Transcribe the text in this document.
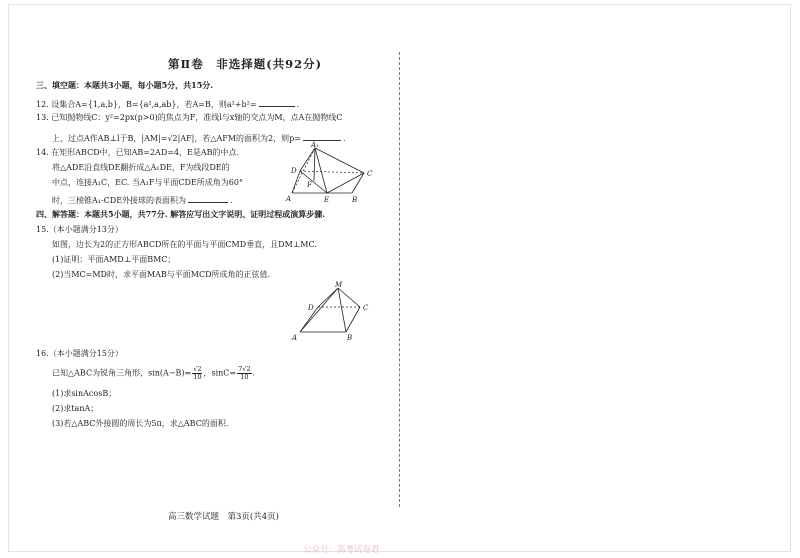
第Ⅱ卷　非选择题(共92分)
三、填空题：本题共3小题，每小题5分，共15分.
12. 设集合A={1,a,b}，B={a²,a,ab}，若A=B，则a²+b²=	.
13. 已知抛物线C：y²=2px(p>0)的焦点为F，准线l与x轴的交点为M，点A在抛物线C
上，过点A作AB⊥l于B，|AM|=√2|AF|，若△AFM的面积为2，则p=	.
14. 在矩形ABCD中，已知AB=2AD=4，E是AB的中点.
将△ADE沿直线DE翻折成△A₁DE，F为线段DE的
中点，连接A₁C，EC. 当A₁F与平面CDE所成角为60°
时，三棱锥A₁-CDE外接球的表面积为	.
A₁
D	C
F
A	E	B
四、解答题：本题共5小题，共77分. 解答应写出文字说明、证明过程或演算步骤.
15.（本小题满分13分）
如图，边长为2的正方形ABCD所在的平面与平面CMD垂直，且DM⊥MC.
(1)证明：平面AMD⊥平面BMC；
(2)当MC=MD时，求平面MAB与平面MCD所成角的正弦值.
M
D	C
A	B
16.（本小题满分15分）
已知△ABC为锐角三角形，$\sin(A-B)= \frac{√2}{10}$ ，$\sin C= \frac{7√2}{10}$ .
(1)求sinAcosB；
(2)求tanA；
(3)若△ABC外接圆的周长为5π，求△ABC的面积.
高三数学试题　第3页(共4页)
公众号：高考试卷君
